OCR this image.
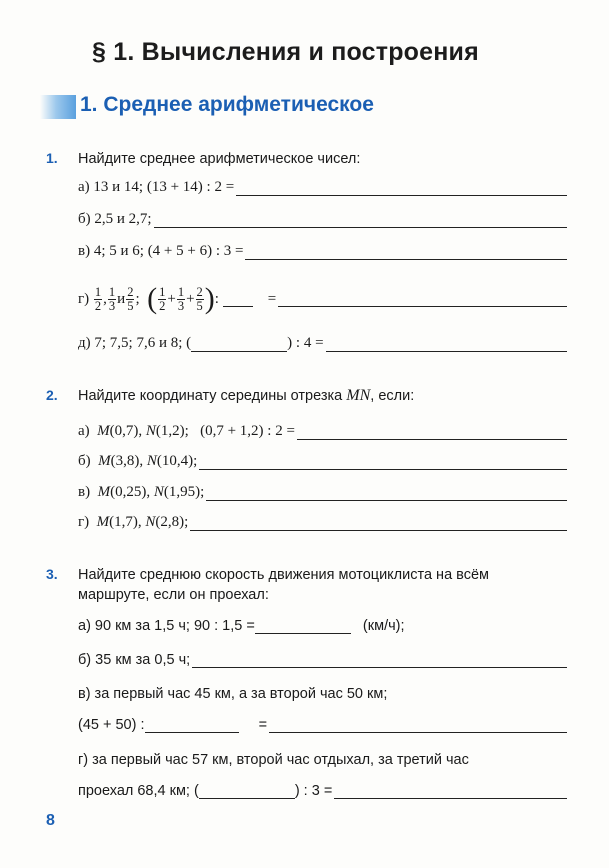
§ 1. Вычисления и построения
1. Среднее арифметическое
1. Найдите среднее арифметическое чисел:
а) 13 и 14; (13 + 14) : 2 =
б) 2,5 и 2,7;
в) 4; 5 и 6; (4 + 5 + 6) : 3 =
г)
$\frac{1}{2}$ , $\frac{1}{3}$ и $\frac{2}{5}$ ;
( $\frac{1}{2} + \frac{1}{3} + \frac{2}{5}$ ) :

	=
д) 7; 7,5; 7,6 и 8; (	) : 4 =
2. Найдите координату середины отрезка MN, если:
а) M(0,7), N(1,2);   (0,7 + 1,2) : 2 =
б) M(3,8), N(10,4);
в) M(0,25), N(1,95);
г) M(1,7), N(2,8);
3. Найдите среднюю скорость движения мотоциклиста на всём
маршруте, если он проехал:
а) 90 км за 1,5 ч; 90 : 1,5 =
	(км/ч);
б) 35 км за 0,5 ч;
в) за первый час 45 км, а за второй час 50 км;
(45 + 50) :
	=
г) за первый час 57 км, второй час отдыхал, за третий час
проехал 68,4 км; (	) : 3 =
8
